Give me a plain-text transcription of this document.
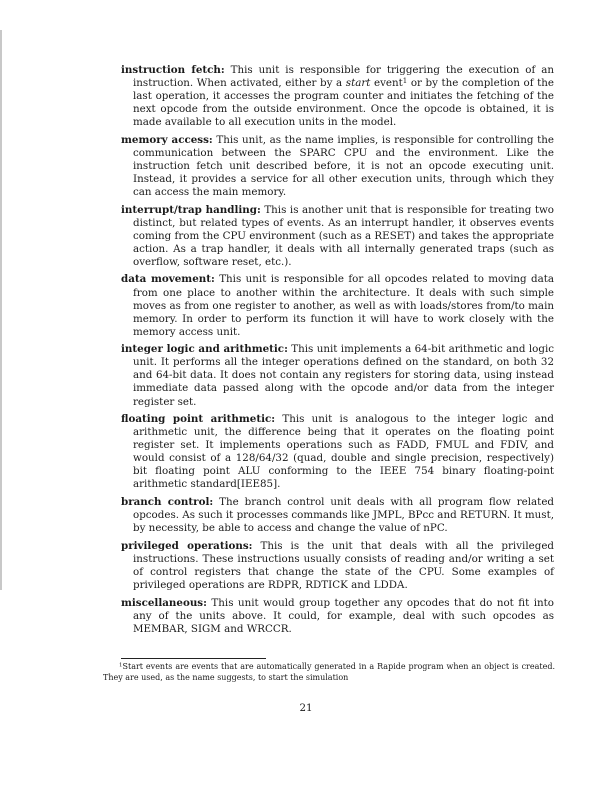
instruction fetch: This unit is responsible for triggering the execution of an instruction. When activated, either by a start event$^1$ or by the completion of the last operation, it accesses the program counter and initiates the fetching of the next opcode from the outside environment. Once the opcode is obtained, it is made available to all execution units in the model.

memory access: This unit, as the name implies, is responsible for controlling the communication between the SPARC CPU and the environment. Like the instruction fetch unit described before, it is not an opcode executing unit. Instead, it provides a service for all other execution units, through which they can access the main memory.

interrupt/trap handling: This is another unit that is responsible for treating two distinct, but related types of events. As an interrupt handler, it observes events coming from the CPU environment (such as a RESET) and takes the appropriate action. As a trap handler, it deals with all internally generated traps (such as overflow, software reset, etc.).

data movement: This unit is responsible for all opcodes related to moving data from one place to another within the architecture. It deals with such simple moves as from one register to another, as well as with loads/stores from/to main memory. In order to perform its function it will have to work closely with the memory access unit.

integer logic and arithmetic: This unit implements a 64-bit arithmetic and logic unit. It performs all the integer operations defined on the standard, on both 32 and 64-bit data. It does not contain any registers for storing data, using instead immediate data passed along with the opcode and/or data from the integer register set.

floating point arithmetic: This unit is analogous to the integer logic and arithmetic unit, the difference being that it operates on the floating point register set. It implements operations such as FADD, FMUL and FDIV, and would consist of a 128/64/32 (quad, double and single precision, respectively) bit floating point ALU conforming to the IEEE 754 binary floating-point arithmetic standard[IEE85].

branch control: The branch control unit deals with all program flow related opcodes. As such it processes commands like JMPL, BPcc and RETURN. It must, by necessity, be able to access and change the value of nPC.

privileged operations: This is the unit that deals with all the privileged instructions. These instructions usually consists of reading and/or writing a set of control registers that change the state of the CPU. Some examples of privileged operations are RDPR, RDTICK and LDDA.

miscellaneous: This unit would group together any opcodes that do not fit into any of the units above. It could, for example, deal with such opcodes as MEMBAR, SIGM and WRCCR.

$^1$Start events are events that are automatically generated in a Rapide program when an object is created. They are used, as the name suggests, to start the simulation

21
